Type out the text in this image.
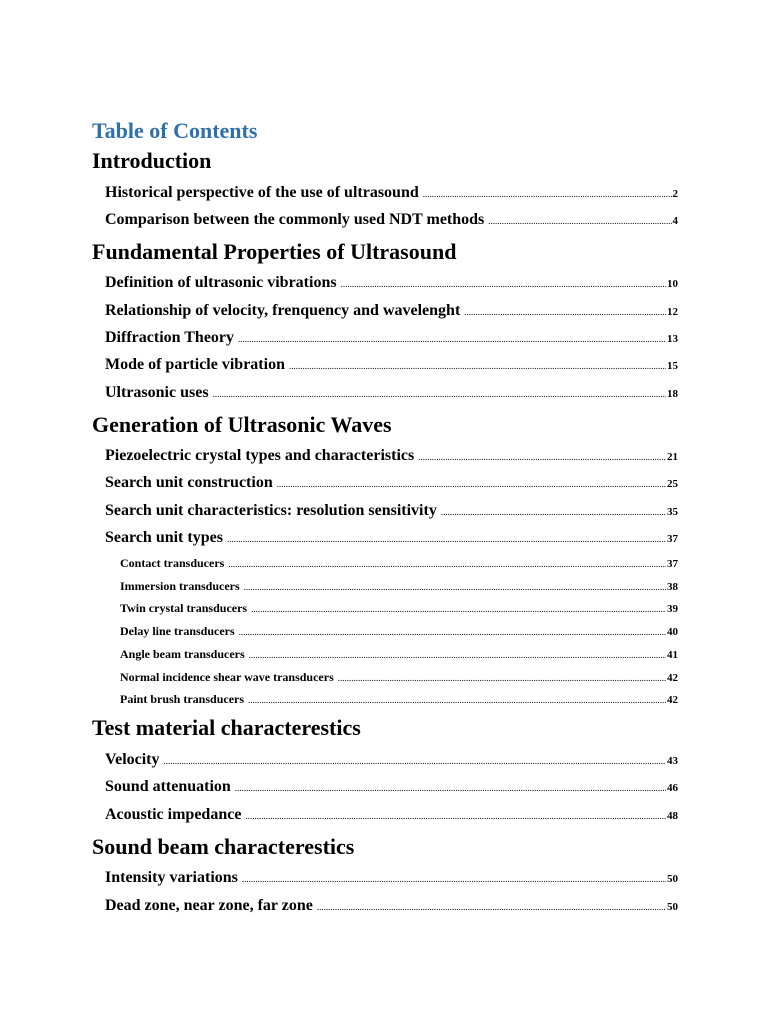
Table of Contents
Introduction
Historical perspective of the use of ultrasound .....	2
Comparison between the commonly used NDT methods .....	4
Fundamental Properties of Ultrasound
Definition of ultrasonic vibrations .....	10
Relationship of velocity, frenquency and wavelenght .....	12
Diffraction Theory .....	13
Mode of particle vibration .....	15
Ultrasonic uses .....	18
Generation of Ultrasonic Waves
Piezoelectric crystal types and characteristics .....	21
Search unit construction .....	25
Search unit characteristics: resolution sensitivity .....	35
Search unit types .....	37
Contact transducers .....	37
Immersion transducers .....	38
Twin crystal transducers .....	39
Delay line transducers .....	40
Angle beam transducers .....	41
Normal incidence shear wave transducers .....	42
Paint brush transducers .....	42
Test material characterestics
Velocity .....	43
Sound attenuation .....	46
Acoustic impedance .....	48
Sound beam characterestics
Intensity variations .....	50
Dead zone, near zone, far zone .....	50
